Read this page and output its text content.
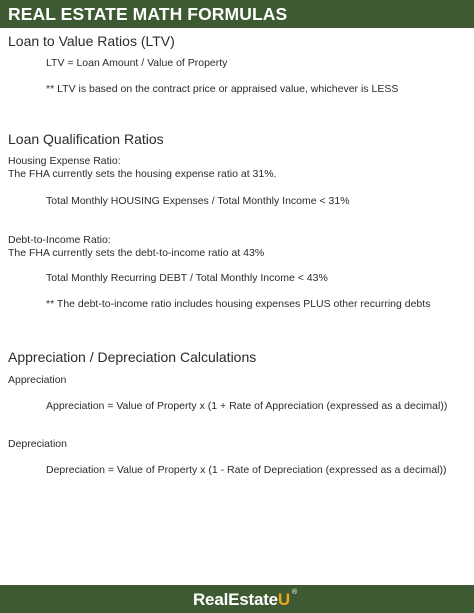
REAL ESTATE MATH FORMULAS
Loan to Value Ratios (LTV)
LTV = Loan Amount / Value of Property
** LTV is based on the contract price or appraised value, whichever is LESS
Loan Qualification Ratios
Housing Expense Ratio:
The FHA currently sets the housing expense ratio at 31%.
Total Monthly HOUSING Expenses / Total Monthly Income < 31%
Debt-to-Income Ratio:
The FHA currently sets the debt-to-income ratio at 43%
Total Monthly Recurring DEBT / Total Monthly Income < 43%
** The debt-to-income ratio includes housing expenses PLUS other recurring debts
Appreciation / Depreciation Calculations
Appreciation
Appreciation = Value of Property x (1 + Rate of Appreciation (expressed as a decimal))
Depreciation
Depreciation = Value of Property x (1 - Rate of Depreciation (expressed as a decimal))
RealEstateU ®
